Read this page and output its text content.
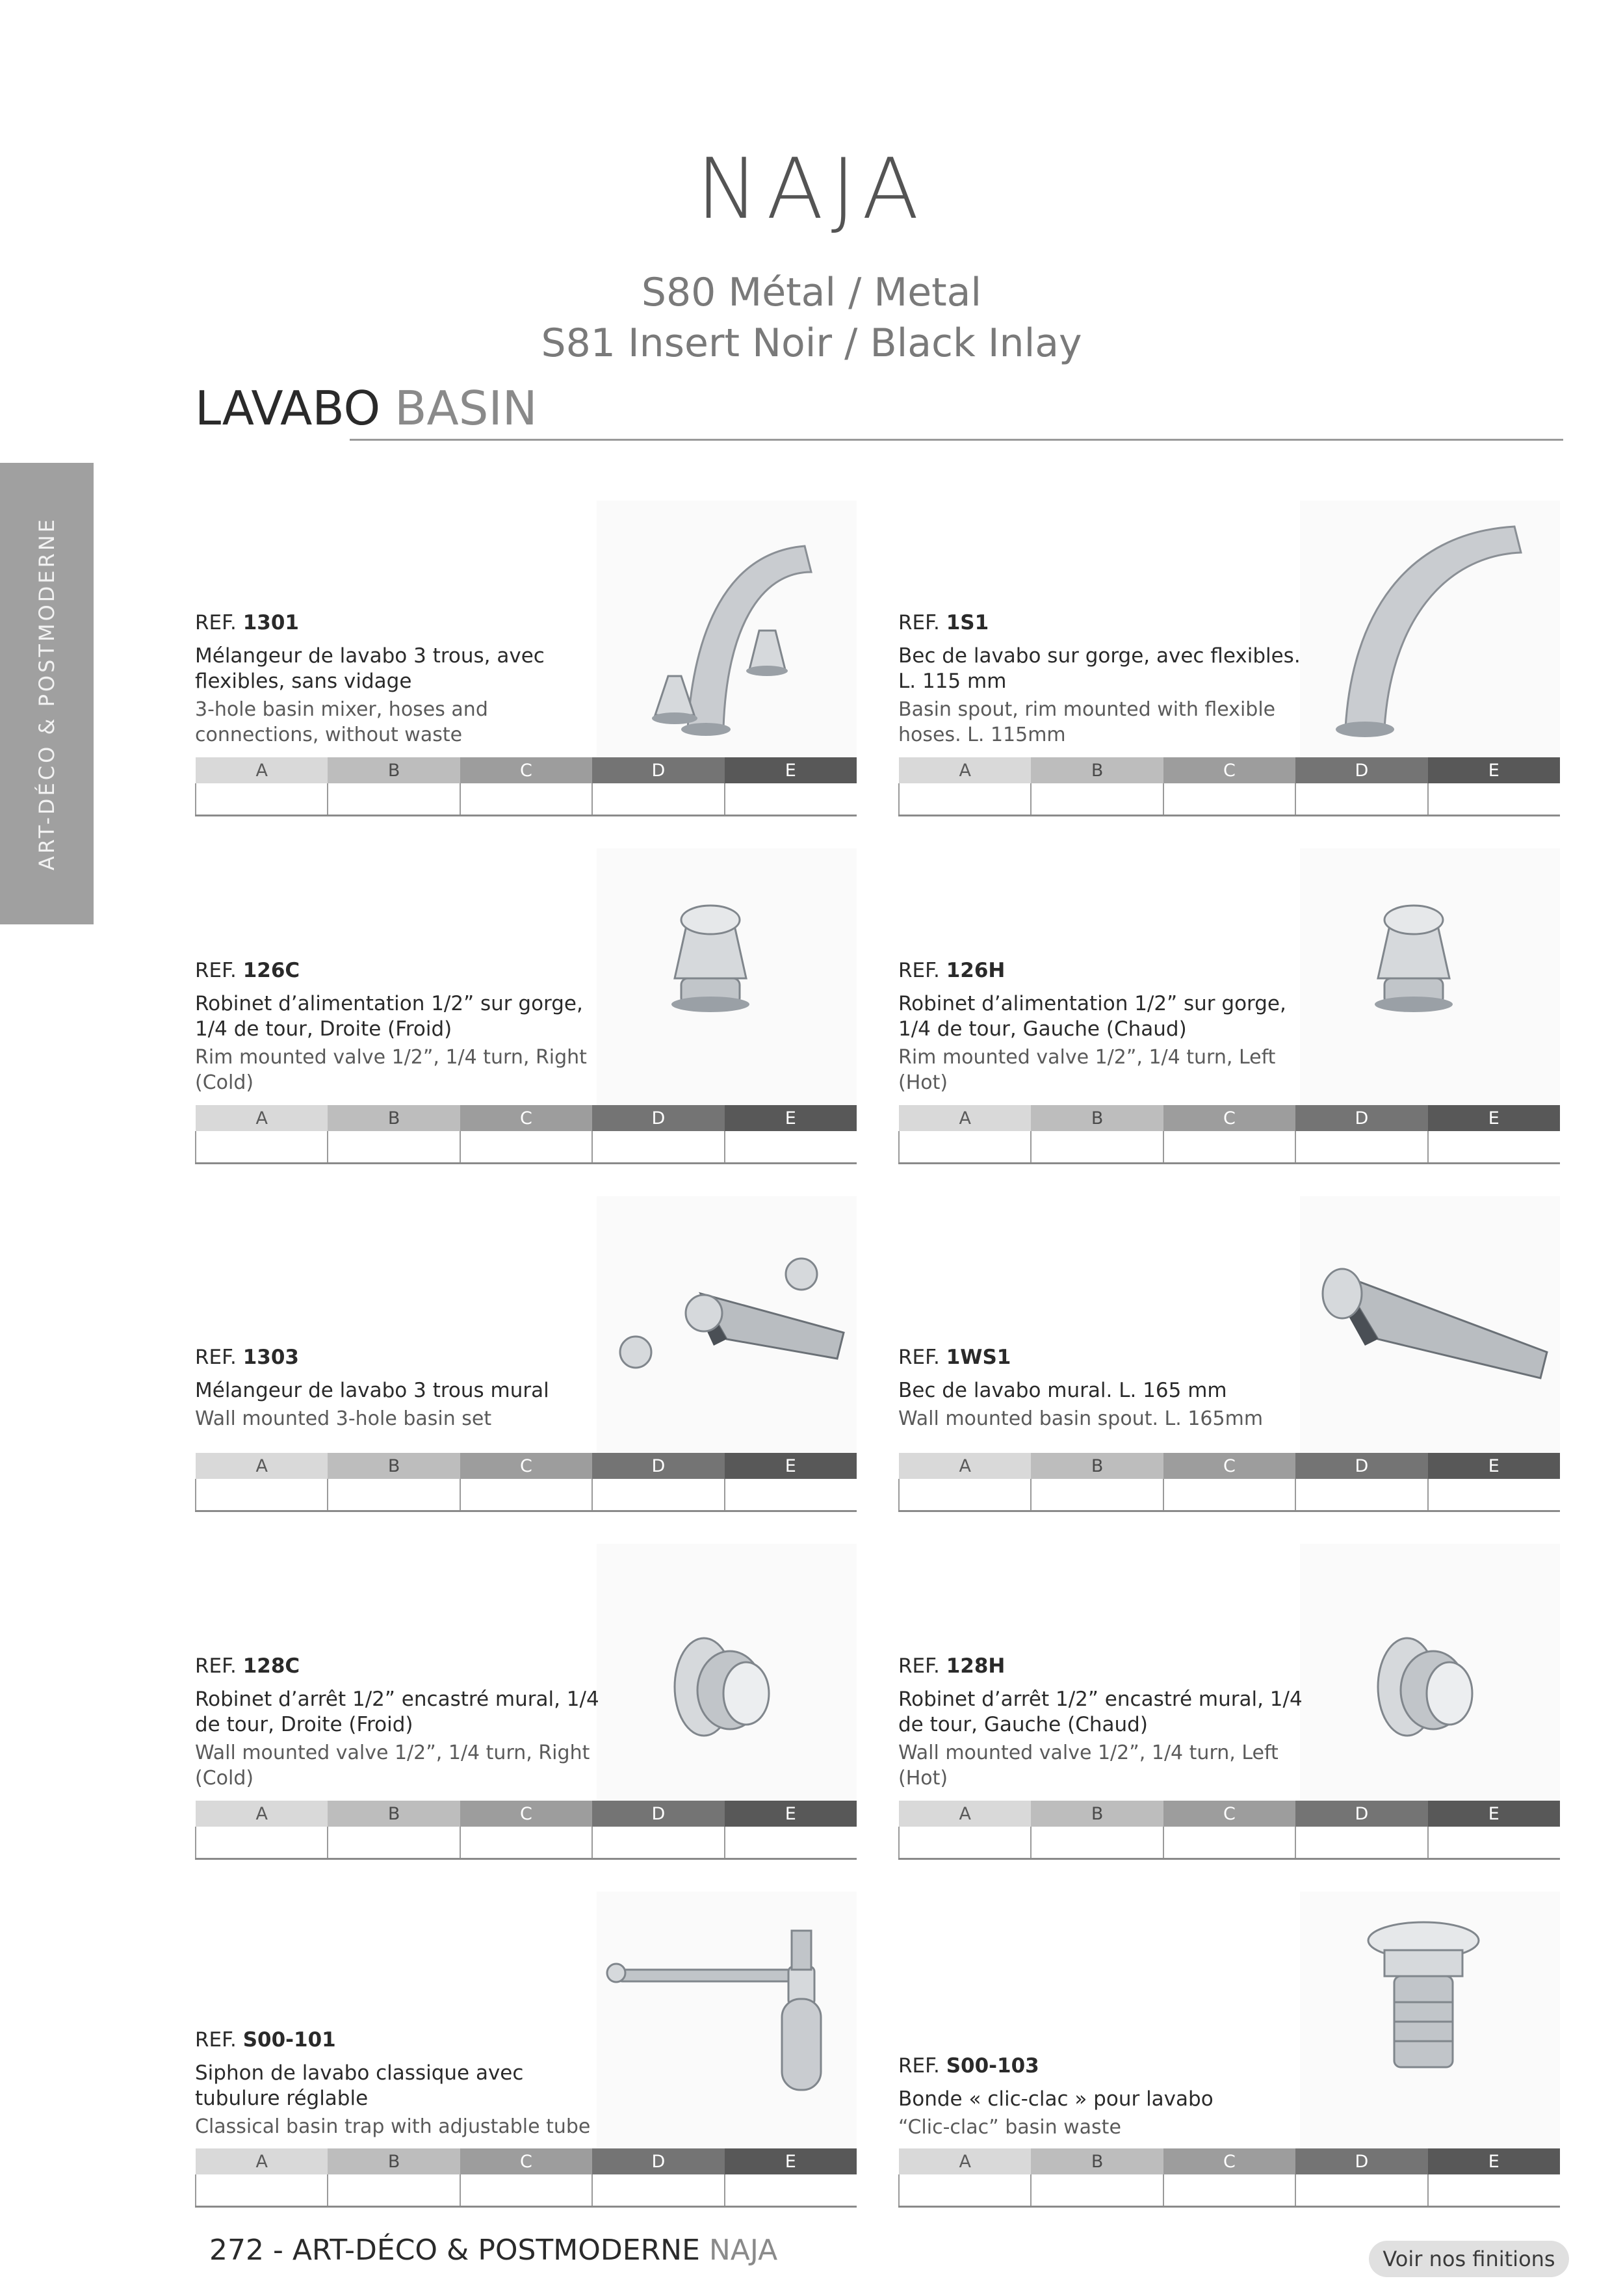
NAJA
S80 Métal / Metal
S81 Insert Noir / Black Inlay
LAVABO BASIN
ART-DÉCO & POSTMODERNE	REF. 1301
Mélangeur de lavabo 3 trous, avec flexibles, sans vidage
3-hole basin mixer, hoses and connections, without waste
A	B	C	D	E

REF. 1S1
Bec de lavabo sur gorge, avec flexibles. L. 115 mm
Basin spout, rim mounted with flexible hoses. L. 115mm
A	B	C	D	E

REF. 126C
Robinet d’alimentation 1/2” sur gorge, 1/4 de tour, Droite (Froid)
Rim mounted valve 1/2”, 1/4 turn, Right (Cold)
A	B	C	D	E

REF. 126H
Robinet d’alimentation 1/2” sur gorge, 1/4 de tour, Gauche (Chaud)
Rim mounted valve 1/2”, 1/4 turn, Left (Hot)
A	B	C	D	E

REF. 1303
Mélangeur de lavabo 3 trous mural
Wall mounted 3-hole basin set
A	B	C	D	E

REF. 1WS1
Bec de lavabo mural. L. 165 mm
Wall mounted basin spout. L. 165mm
A	B	C	D	E

REF. 128C
Robinet d’arrêt 1/2” encastré mural, 1/4 de tour, Droite (Froid)
Wall mounted valve 1/2”, 1/4 turn, Right (Cold)
A	B	C	D	E

REF. 128H
Robinet d’arrêt 1/2” encastré mural, 1/4 de tour, Gauche (Chaud)
Wall mounted valve 1/2”, 1/4 turn, Left (Hot)
A	B	C	D	E

REF. S00-101
Siphon de lavabo classique avec tubulure réglable
Classical basin trap with adjustable tube
A	B	C	D	E

REF. S00-103
Bonde « clic-clac » pour lavabo
“Clic-clac” basin waste
A	B	C	D	E

272 - ART-DÉCO & POSTMODERNE NAJA	Voir nos finitions
